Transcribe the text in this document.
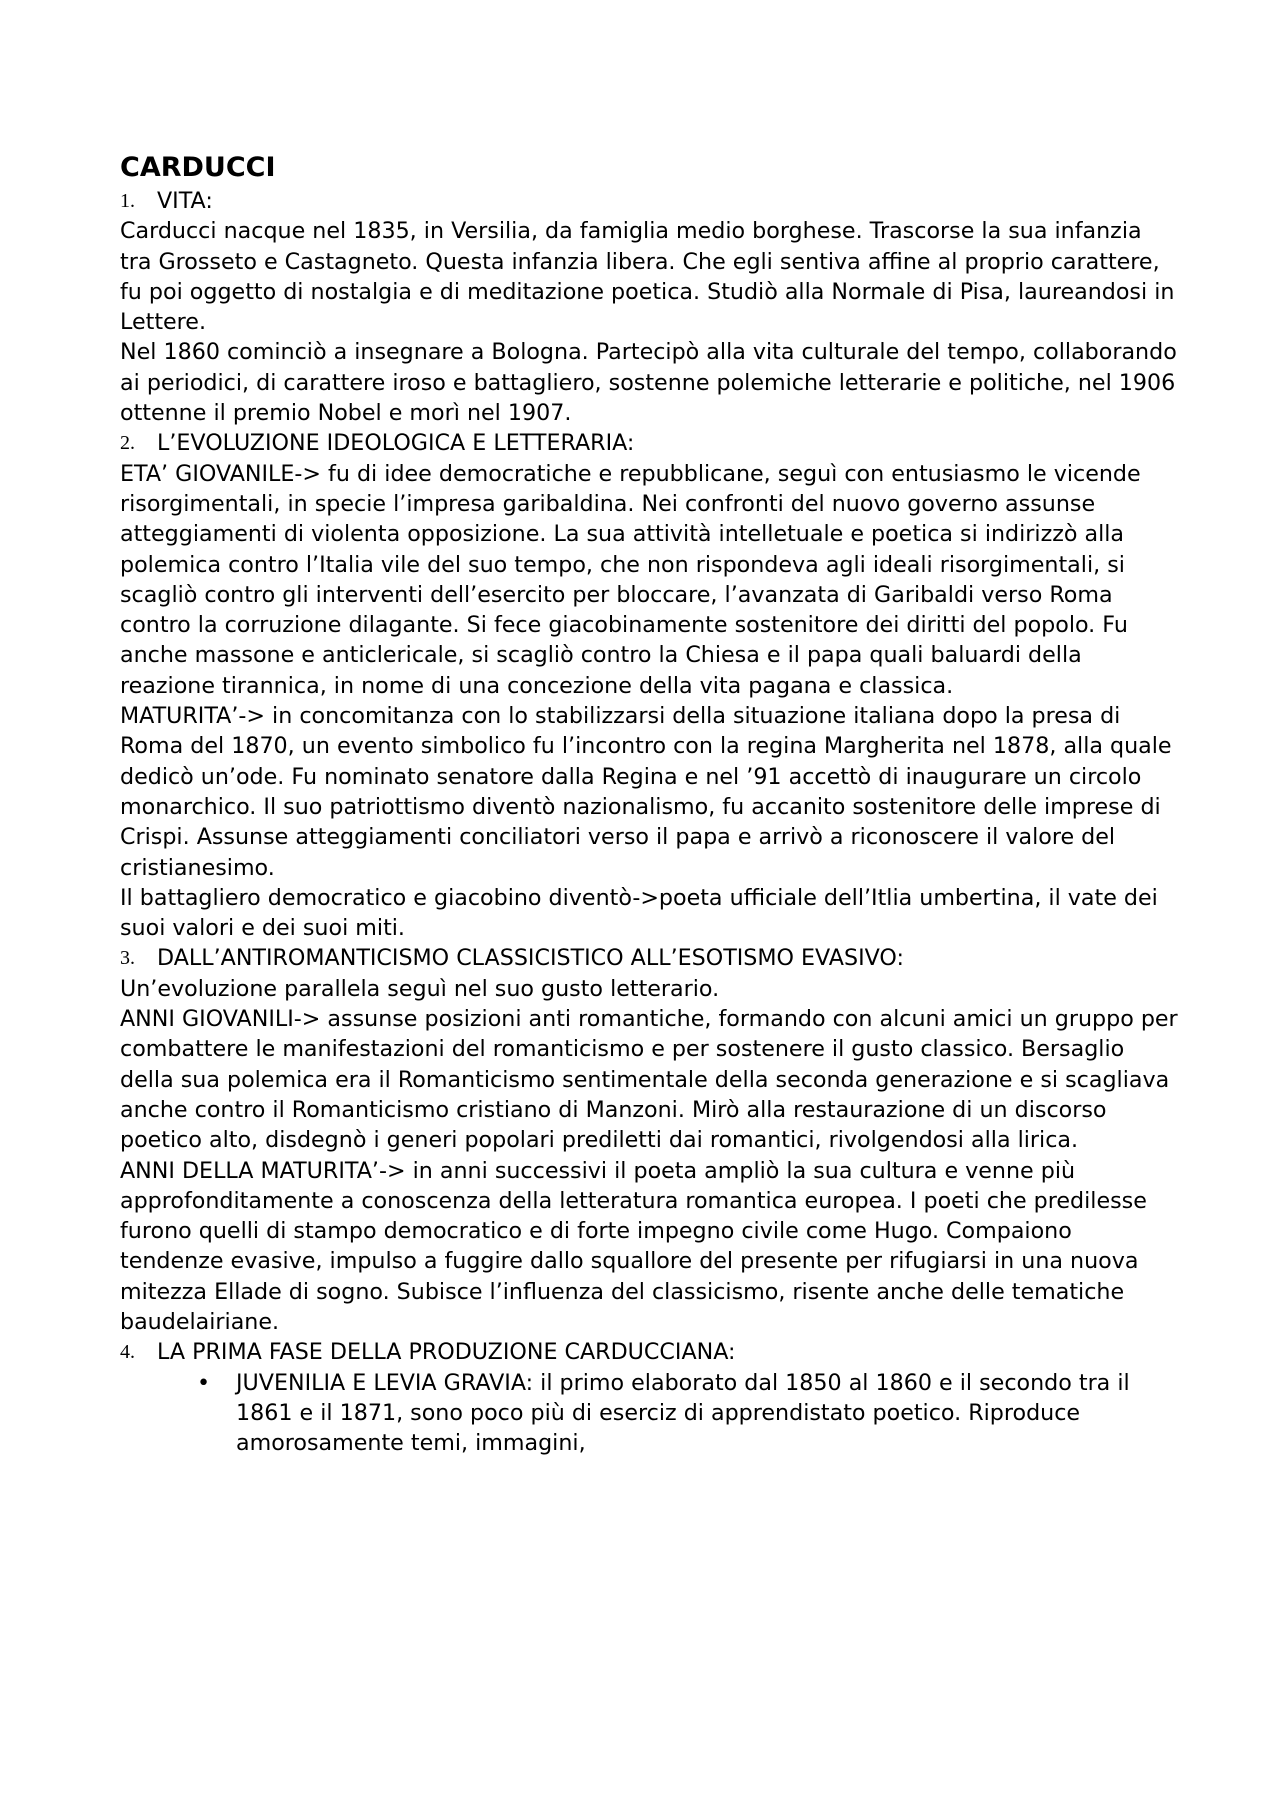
CARDUCCI
1. VITA:

Carducci nacque nel 1835, in Versilia, da famiglia medio borghese. Trascorse la sua infanzia tra Grosseto e Castagneto. Questa infanzia libera. Che egli sentiva affine al proprio carattere, fu poi oggetto di nostalgia e di meditazione poetica. Studiò alla Normale di Pisa, laureandosi in Lettere.

Nel 1860 cominciò a insegnare a Bologna. Partecipò alla vita culturale del tempo, collaborando ai periodici, di carattere iroso e battagliero, sostenne polemiche letterarie e politiche, nel 1906 ottenne il premio Nobel e morì nel 1907.

2. L’EVOLUZIONE IDEOLOGICA E LETTERARIA:

ETA’ GIOVANILE-> fu di idee democratiche e repubblicane, seguì con entusiasmo le vicende risorgimentali, in specie l’impresa garibaldina. Nei confronti del nuovo governo assunse atteggiamenti di violenta opposizione. La sua attività intelletuale e poetica si indirizzò alla polemica contro l’Italia vile del suo tempo, che non rispondeva agli ideali risorgimentali, si scagliò contro gli interventi dell’esercito per bloccare, l’avanzata di Garibaldi verso Roma contro la corruzione dilagante. Si fece giacobinamente sostenitore dei diritti del popolo. Fu anche massone e anticlericale, si scagliò contro la Chiesa e il papa quali baluardi della reazione tirannica, in nome di una concezione della vita pagana e classica.

MATURITA’-> in concomitanza con lo stabilizzarsi della situazione italiana dopo la presa di Roma del 1870, un evento simbolico fu l’incontro con la regina Margherita nel 1878, alla quale dedicò un’ode. Fu nominato senatore dalla Regina e nel ’91 accettò di inaugurare un circolo monarchico. Il suo patriottismo diventò nazionalismo, fu accanito sostenitore delle imprese di Crispi. Assunse atteggiamenti conciliatori verso il papa e arrivò a riconoscere il valore del cristianesimo.

Il battagliero democratico e giacobino diventò->poeta ufficiale dell’Itlia umbertina, il vate dei suoi valori e dei suoi miti.

3. DALL’ANTIROMANTICISMO CLASSICISTICO ALL’ESOTISMO EVASIVO:

Un’evoluzione parallela seguì nel suo gusto letterario.

ANNI GIOVANILI-> assunse posizioni anti romantiche, formando con alcuni amici un gruppo per combattere le manifestazioni del romanticismo e per sostenere il gusto classico. Bersaglio della sua polemica era il Romanticismo sentimentale della seconda generazione e si scagliava anche contro il Romanticismo cristiano di Manzoni. Mirò alla restaurazione di un discorso poetico alto, disdegnò i generi popolari prediletti dai romantici, rivolgendosi alla lirica.

ANNI DELLA MATURITA’-> in anni successivi il poeta ampliò la sua cultura e venne più approfonditamente a conoscenza della letteratura romantica europea. I poeti che predilesse furono quelli di stampo democratico e di forte impegno civile come Hugo. Compaiono tendenze evasive, impulso a fuggire dallo squallore del presente per rifugiarsi in una nuova mitezza Ellade di sogno. Subisce l’influenza del classicismo, risente anche delle tematiche baudelairiane.

4. LA PRIMA FASE DELLA PRODUZIONE CARDUCCIANA:
•	JUVENILIA E LEVIA GRAVIA: il primo elaborato dal 1850 al 1860 e il secondo tra il 1861 e il 1871, sono poco più di eserciz di apprendistato poetico. Riproduce amorosamente temi, immagini,
